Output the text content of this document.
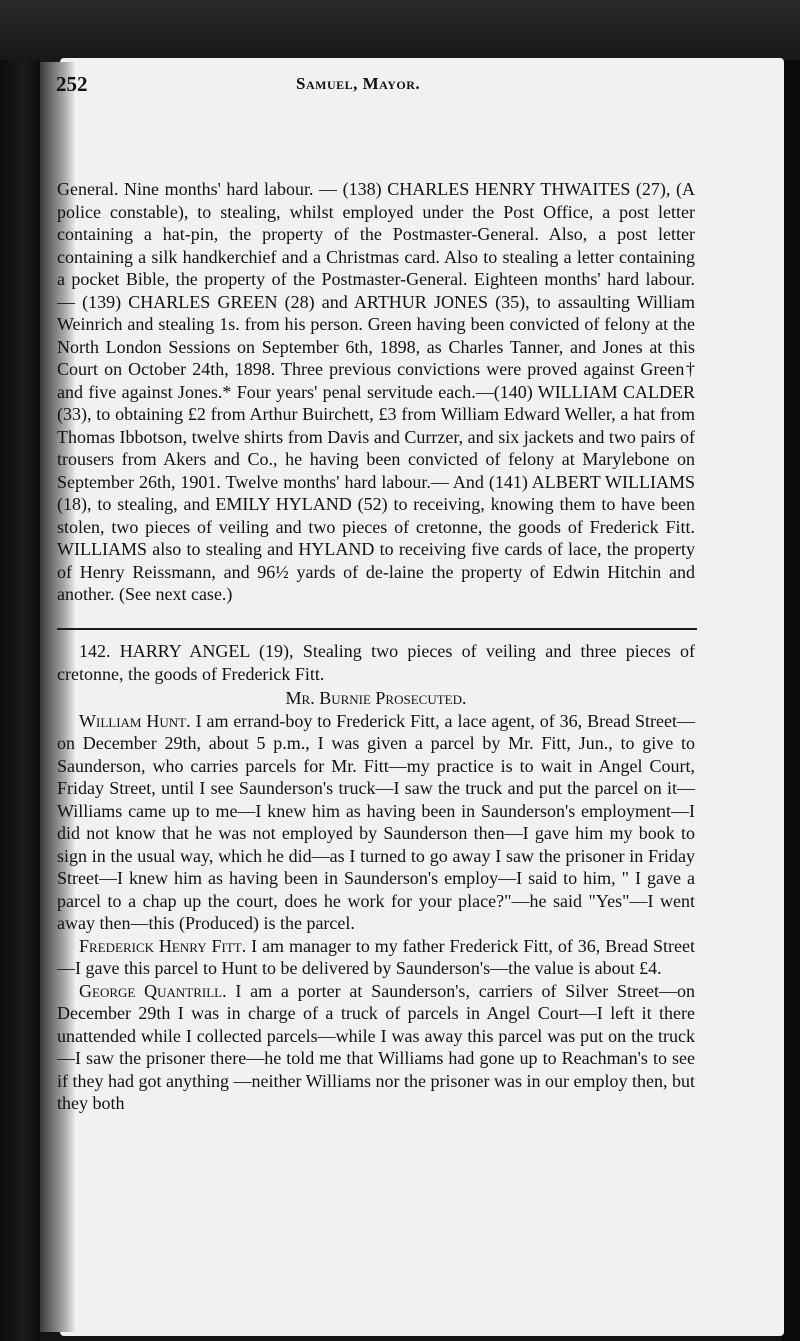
252	Samuel, Mayor.

General. Nine months' hard labour. — (138) CHARLES HENRY THWAITES (27), (A police constable), to stealing, whilst employed under the Post Office, a post letter containing a hat-pin, the property of the Postmaster-General. Also, a post letter containing a silk handkerchief and a Christmas card. Also to stealing a letter containing a pocket Bible, the property of the Postmaster-General. Eighteen months' hard labour. — (139) CHARLES GREEN (28) and ARTHUR JONES (35), to assaulting William Weinrich and stealing 1s. from his person. Green having been convicted of felony at the North London Sessions on September 6th, 1898, as Charles Tanner, and Jones at this Court on October 24th, 1898. Three previous convictions were proved against Green† and five against Jones.* Four years' penal servitude each.—(140) WILLIAM CALDER (33), to obtaining £2 from Arthur Buirchett, £3 from William Edward Weller, a hat from Thomas Ibbotson, twelve shirts from Davis and Currzer, and six jackets and two pairs of trousers from Akers and Co., he having been convicted of felony at Marylebone on September 26th, 1901. Twelve months' hard labour.— And (141) ALBERT WILLIAMS (18), to stealing, and EMILY HYLAND (52) to receiving, knowing them to have been stolen, two pieces of veiling and two pieces of cretonne, the goods of Frederick Fitt. WILLIAMS also to stealing and HYLAND to receiving five cards of lace, the property of Henry Reissmann, and 96½ yards of de-laine the property of Edwin Hitchin and another. (See next case.)

142. HARRY ANGEL (19), Stealing two pieces of veiling and three pieces of cretonne, the goods of Frederick Fitt.

Mr. Burnie Prosecuted.

William Hunt. I am errand-boy to Frederick Fitt, a lace agent, of 36, Bread Street—on December 29th, about 5 p.m., I was given a parcel by Mr. Fitt, Jun., to give to Saunderson, who carries parcels for Mr. Fitt—my practice is to wait in Angel Court, Friday Street, until I see Saunderson's truck—I saw the truck and put the parcel on it—Williams came up to me—I knew him as having been in Saunderson's employment—I did not know that he was not employed by Saunderson then—I gave him my book to sign in the usual way, which he did—as I turned to go away I saw the prisoner in Friday Street—I knew him as having been in Saunderson's employ—I said to him, " I gave a parcel to a chap up the court, does he work for your place?"—he said "Yes"—I went away then—this (Produced) is the parcel.

Frederick Henry Fitt. I am manager to my father Frederick Fitt, of 36, Bread Street—I gave this parcel to Hunt to be delivered by Saunderson's—the value is about £4.

George Quantrill. I am a porter at Saunderson's, carriers of Silver Street—on December 29th I was in charge of a truck of parcels in Angel Court—I left it there unattended while I collected parcels—while I was away this parcel was put on the truck—I saw the prisoner there—he told me that Williams had gone up to Reachman's to see if they had got anything —neither Williams nor the prisoner was in our employ then, but they both
